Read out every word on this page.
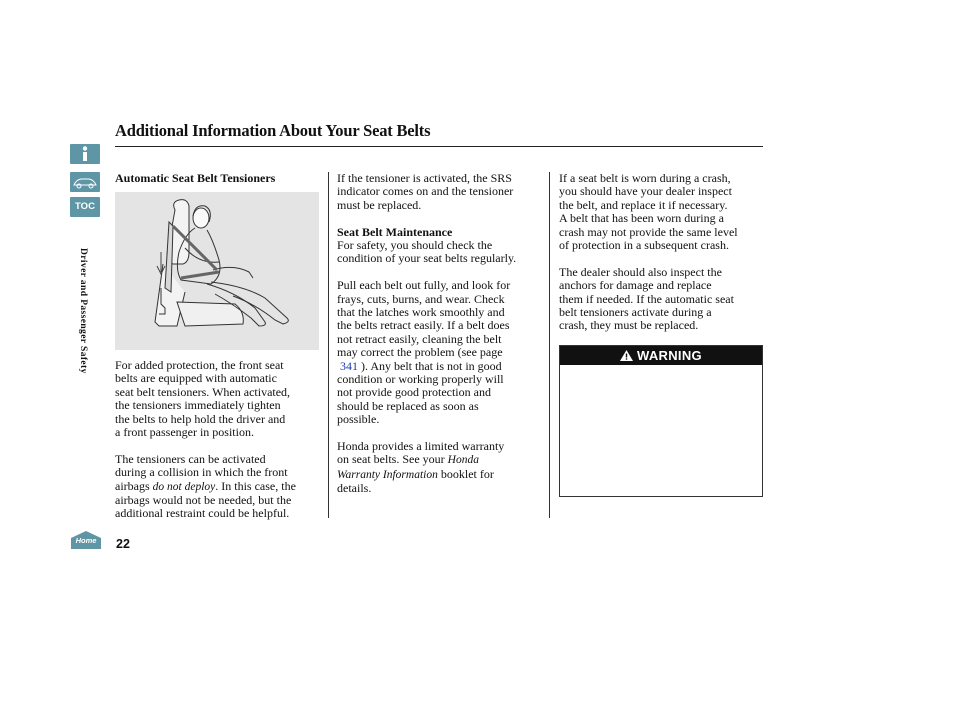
TOC
Driver and Passenger Safety
Home
Additional Information About Your Seat Belts

Automatic Seat Belt Tensioners

For added protection, the front seat

belts are equipped with automatic

seat belt tensioners. When activated,

the tensioners immediately tighten

the belts to help hold the driver and

a front passenger in position.

The tensioners can be activated

during a collision in which the front

airbags do not deploy. In this case, the

airbags would not be needed, but the

additional restraint could be helpful.

If the tensioner is activated, the SRS

indicator comes on and the tensioner

must be replaced.

Seat Belt Maintenance

For safety, you should check the

condition of your seat belts regularly.

Pull each belt out fully, and look for

frays, cuts, burns, and wear. Check

that the latches work smoothly and

the belts retract easily. If a belt does

not retract easily, cleaning the belt

may correct the problem (see page

341 ). Any belt that is not in good

condition or working properly will

not provide good protection and

should be replaced as soon as

possible.

Honda provides a limited warranty

on seat belts. See your Honda

Warranty Information booklet for

details.

If a seat belt is worn during a crash,

you should have your dealer inspect

the belt, and replace it if necessary.

A belt that has been worn during a

crash may not provide the same level

of protection in a subsequent crash.

The dealer should also inspect the

anchors for damage and replace

them if needed. If the automatic seat

belt tensioners activate during a

crash, they must be replaced.

WARNING
22
